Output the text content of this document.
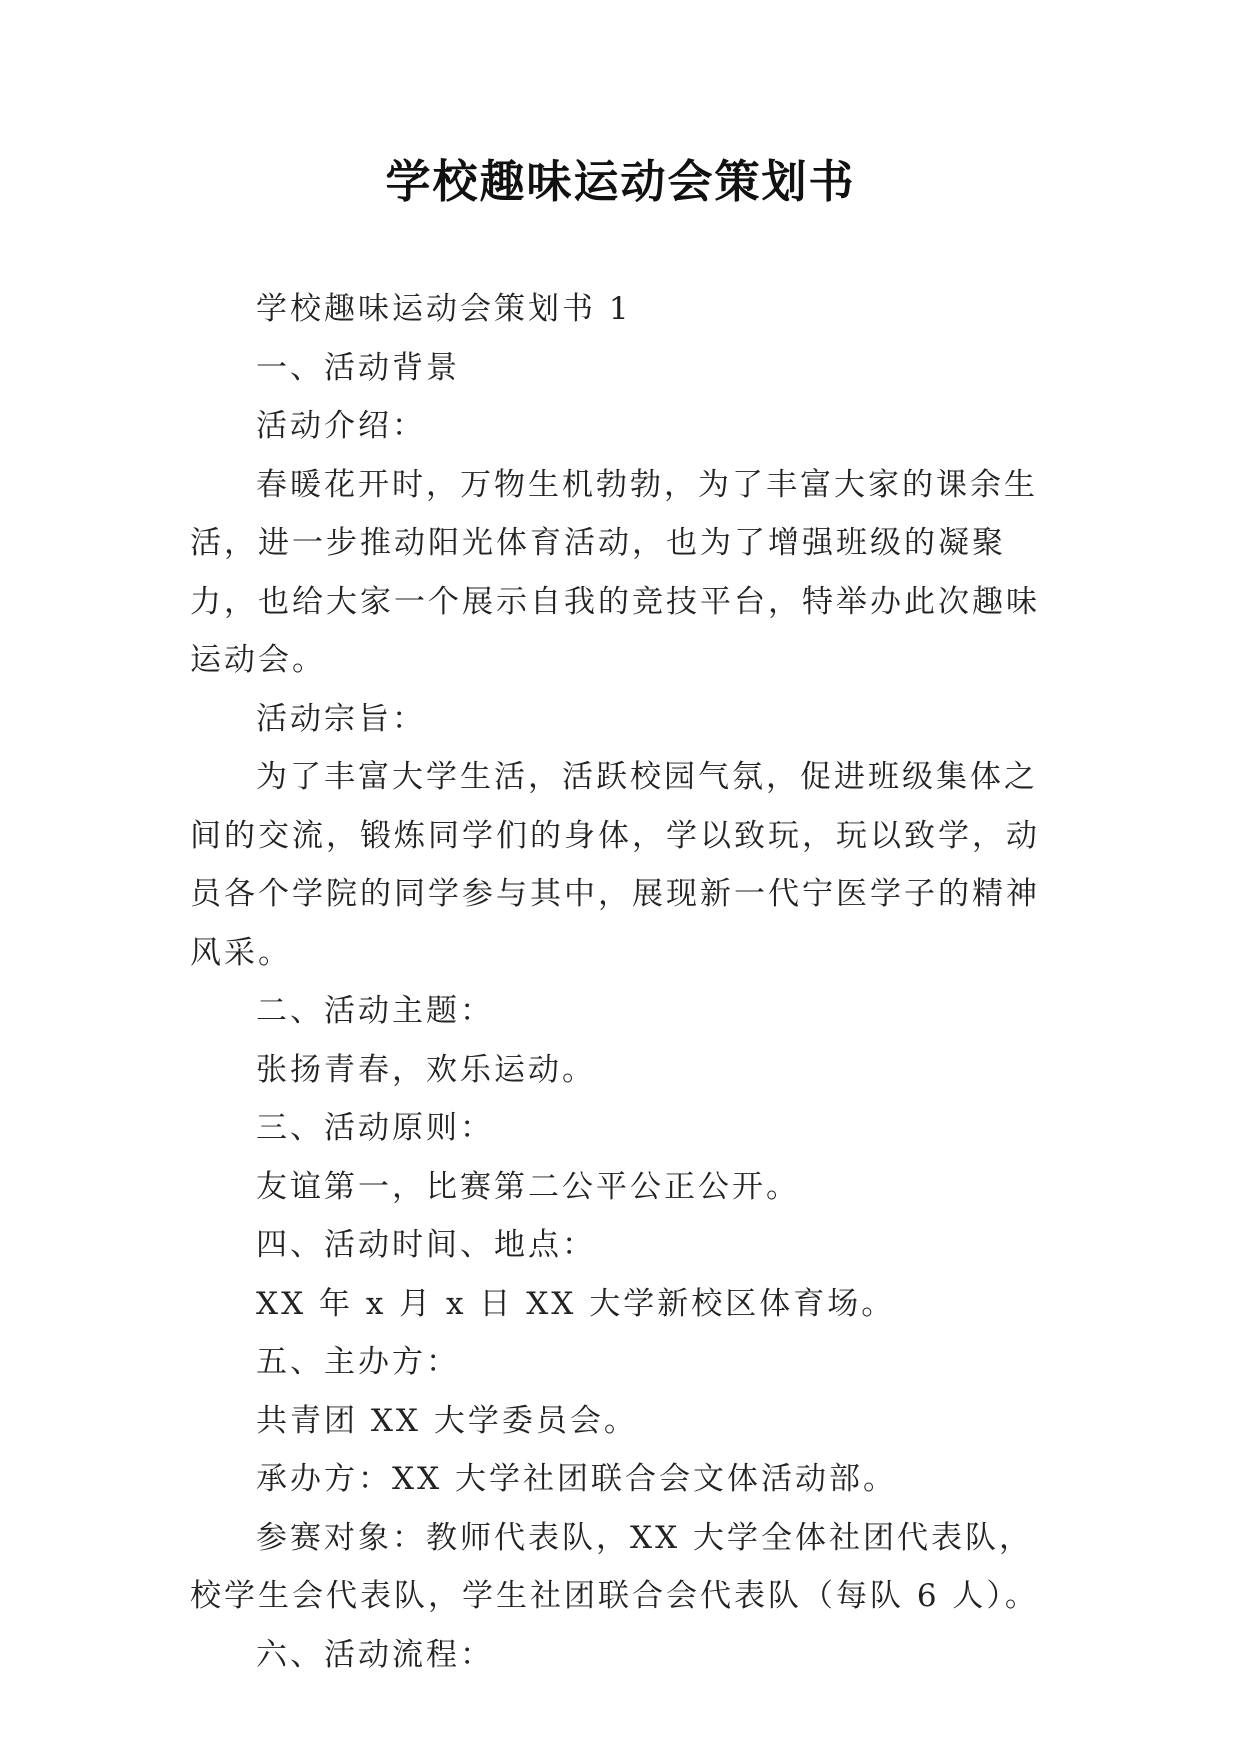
学校趣味运动会策划书

学校趣味运动会策划书 1

一、活动背景

活动介绍：

春暖花开时，万物生机勃勃，为了丰富大家的课余生活，进一步推动阳光体育活动，也为了增强班级的凝聚力，也给大家一个展示自我的竞技平台，特举办此次趣味运动会。

活动宗旨：

为了丰富大学生活，活跃校园气氛，促进班级集体之间的交流，锻炼同学们的身体，学以致玩，玩以致学，动员各个学院的同学参与其中，展现新一代宁医学子的精神风采。

二、活动主题：

张扬青春，欢乐运动。

三、活动原则：

友谊第一，比赛第二公平公正公开。

四、活动时间、地点：

XX 年 x 月 x 日 XX 大学新校区体育场。

五、主办方：

共青团 XX 大学委员会。

承办方：XX 大学社团联合会文体活动部。

参赛对象：教师代表队，XX 大学全体社团代表队，校学生会代表队，学生社团联合会代表队（每队 6 人）。

六、活动流程：
